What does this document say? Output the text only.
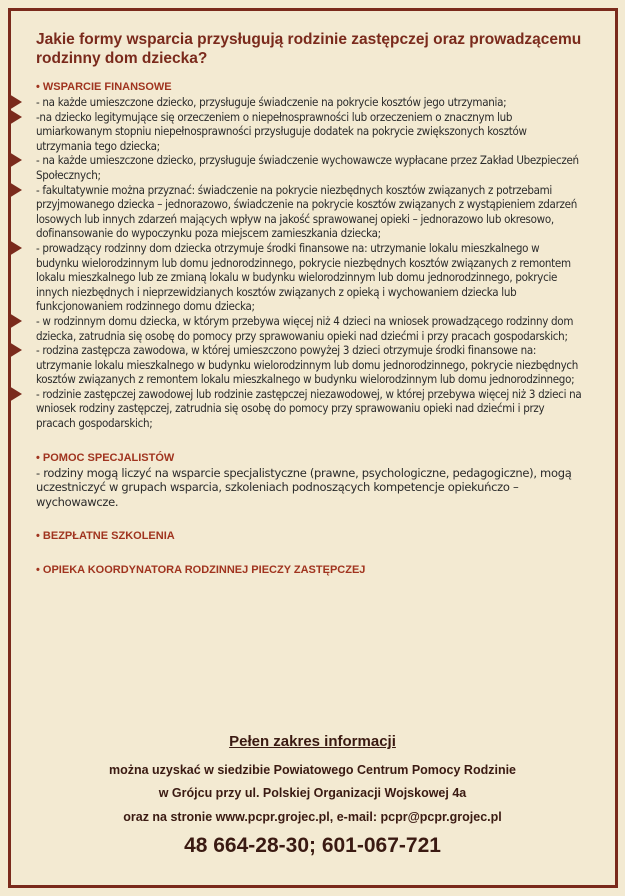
Jakie formy wsparcia przysługują rodzinie zastępczej oraz prowadzącemu rodzinny dom dziecka?
• WSPARCIE FINANSOWE
- na każde umieszczone dziecko, przysługuje świadczenie na pokrycie kosztów jego utrzymania;
-na dziecko legitymujące się orzeczeniem o niepełnosprawności lub orzeczeniem o znacznym lub umiarkowanym stopniu niepełnosprawności przysługuje dodatek na pokrycie zwiększonych kosztów utrzymania tego dziecka;
- na każde umieszczone dziecko, przysługuje świadczenie wychowawcze wypłacane przez Zakład Ubezpieczeń Społecznych;
- fakultatywnie można przyznać: świadczenie na pokrycie niezbędnych kosztów związanych z potrzebami przyjmowanego dziecka – jednorazowo, świadczenie na pokrycie kosztów związanych z wystąpieniem zdarzeń losowych lub innych zdarzeń mających wpływ na jakość sprawowanej opieki – jednorazowo lub okresowo, dofinansowanie do wypoczynku poza miejscem zamieszkania dziecka;
- prowadzący rodzinny dom dziecka otrzymuje środki finansowe na: utrzymanie lokalu mieszkalnego w budynku wielorodzinnym lub domu jednorodzinnego, pokrycie niezbędnych kosztów związanych z remontem lokalu mieszkalnego lub ze zmianą lokalu w budynku wielorodzinnym lub domu jednorodzinnego, pokrycie innych niezbędnych i nieprzewidzianych kosztów związanych z opieką i wychowaniem dziecka lub funkcjonowaniem rodzinnego domu dziecka;
- w rodzinnym domu dziecka, w którym przebywa więcej niż 4 dzieci na wniosek prowadzącego rodzinny dom dziecka, zatrudnia się osobę do pomocy przy sprawowaniu opieki nad dziećmi i przy pracach gospodarskich;
- rodzina zastępcza zawodowa, w której umieszczono powyżej 3 dzieci otrzymuje środki finansowe na: utrzymanie lokalu mieszkalnego w budynku wielorodzinnym lub domu jednorodzinnego, pokrycie niezbędnych kosztów związanych z remontem lokalu mieszkalnego w budynku wielorodzinnym lub domu jednorodzinnego;
- rodzinie zastępczej zawodowej lub rodzinie zastępczej niezawodowej, w której przebywa więcej niż 3 dzieci na wniosek rodziny zastępczej, zatrudnia się osobę do pomocy przy sprawowaniu opieki nad dziećmi i przy pracach gospodarskich;
• POMOC SPECJALISTÓW
- rodziny mogą liczyć na wsparcie specjalistyczne (prawne, psychologiczne, pedagogiczne), mogą uczestniczyć w grupach wsparcia, szkoleniach podnoszących kompetencje opiekuńczo – wychowawcze.
• BEZPŁATNE SZKOLENIA
• OPIEKA KOORDYNATORA RODZINNEJ PIECZY ZASTĘPCZEJ
Pełen zakres informacji
można uzyskać w siedzibie Powiatowego Centrum Pomocy Rodzinie
w Grójcu przy ul. Polskiej Organizacji Wojskowej 4a
oraz na stronie www.pcpr.grojec.pl, e-mail: pcpr@pcpr.grojec.pl
48 664-28-30; 601-067-721
